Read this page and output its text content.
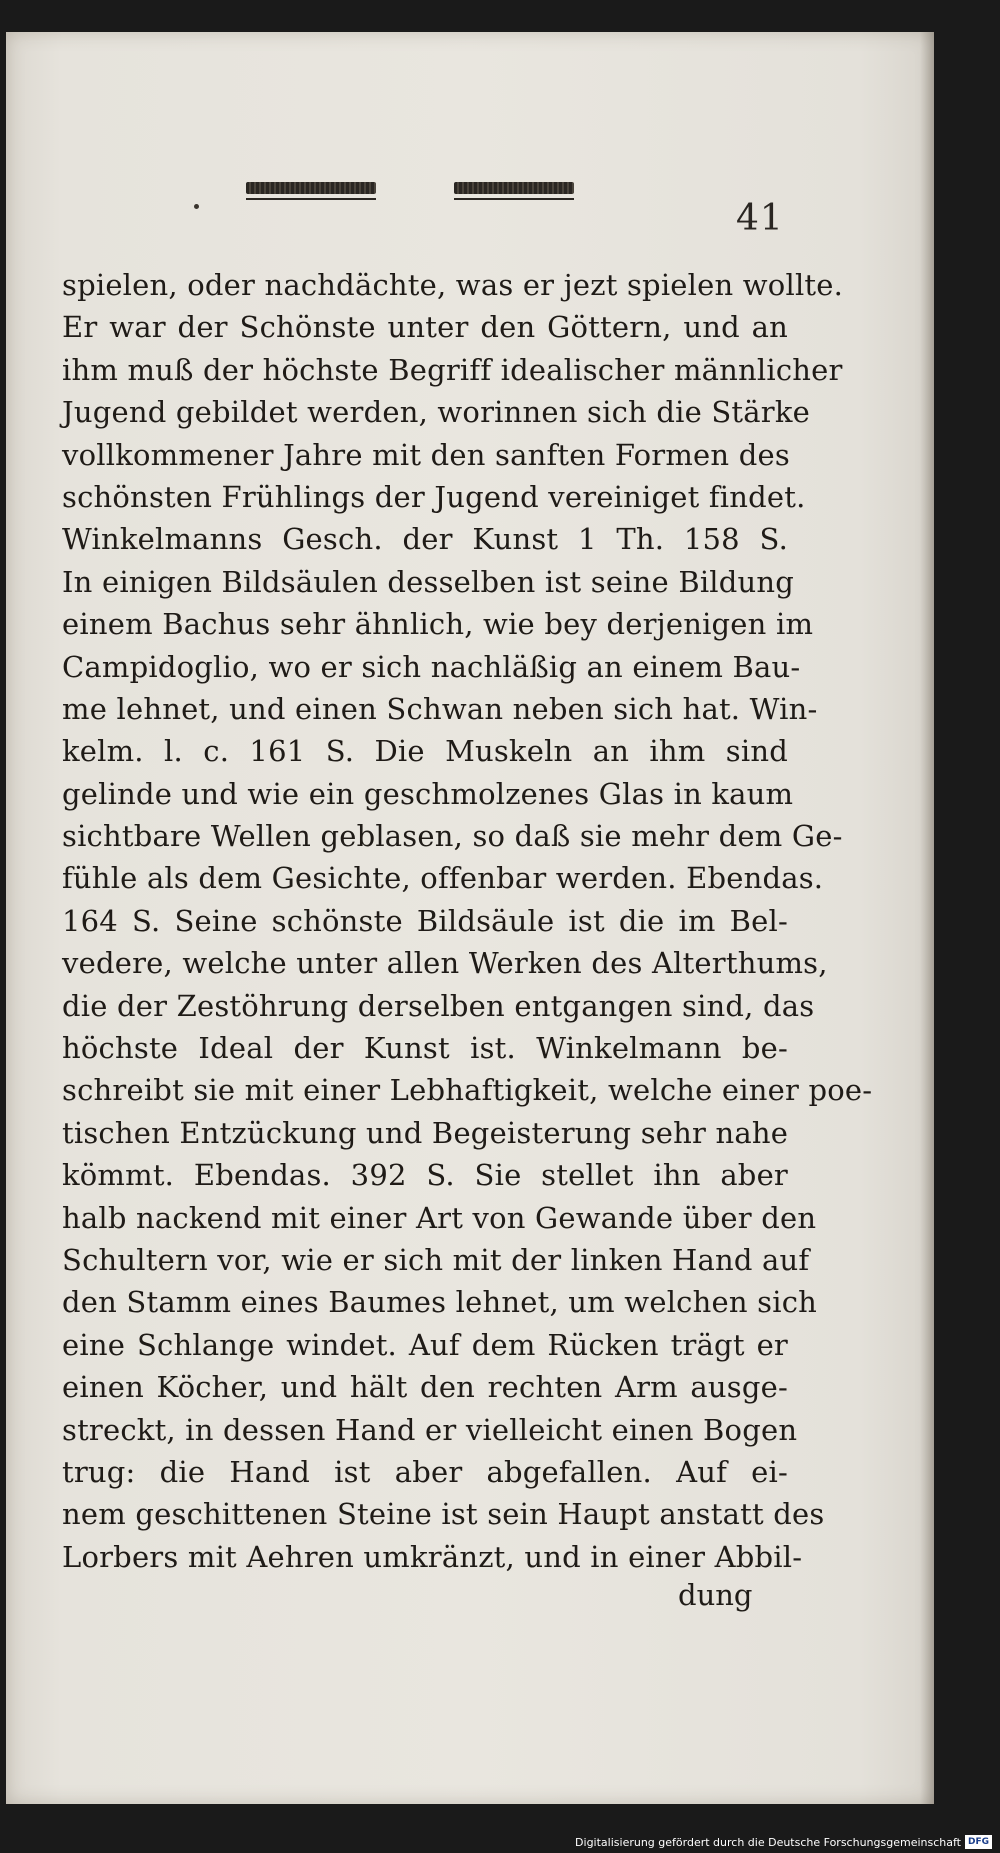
41
spielen, oder nachdächte, was er jezt spielen wollte.
Er war der Schönste unter den Göttern, und an
ihm muß der höchste Begriff idealischer männlicher
Jugend gebildet werden, worinnen sich die Stärke
vollkommener Jahre mit den sanften Formen des
schönsten Frühlings der Jugend vereiniget findet.
Winkelmanns Gesch. der Kunst 1 Th. 158 S.
In einigen Bildsäulen desselben ist seine Bildung
einem Bachus sehr ähnlich, wie bey derjenigen im
Campidoglio, wo er sich nachläßig an einem Bau-
me lehnet, und einen Schwan neben sich hat. Win-
kelm. l. c. 161 S. Die Muskeln an ihm sind
gelinde und wie ein geschmolzenes Glas in kaum
sichtbare Wellen geblasen, so daß sie mehr dem Ge-
fühle als dem Gesichte, offenbar werden. Ebendas.
164 S. Seine schönste Bildsäule ist die im Bel-
vedere, welche unter allen Werken des Alterthums,
die der Zestöhrung derselben entgangen sind, das
höchste Ideal der Kunst ist. Winkelmann be-
schreibt sie mit einer Lebhaftigkeit, welche einer poe-
tischen Entzückung und Begeisterung sehr nahe
kömmt. Ebendas. 392 S. Sie stellet ihn aber
halb nackend mit einer Art von Gewande über den
Schultern vor, wie er sich mit der linken Hand auf
den Stamm eines Baumes lehnet, um welchen sich
eine Schlange windet. Auf dem Rücken trägt er
einen Köcher, und hält den rechten Arm ausge-
streckt, in dessen Hand er vielleicht einen Bogen
trug: die Hand ist aber abgefallen. Auf ei-
nem geschittenen Steine ist sein Haupt anstatt des
Lorbers mit Aehren umkränzt, und in einer Abbil-
dung
Digitalisierung gefördert durch die Deutsche Forschungsgemeinschaft DFG
